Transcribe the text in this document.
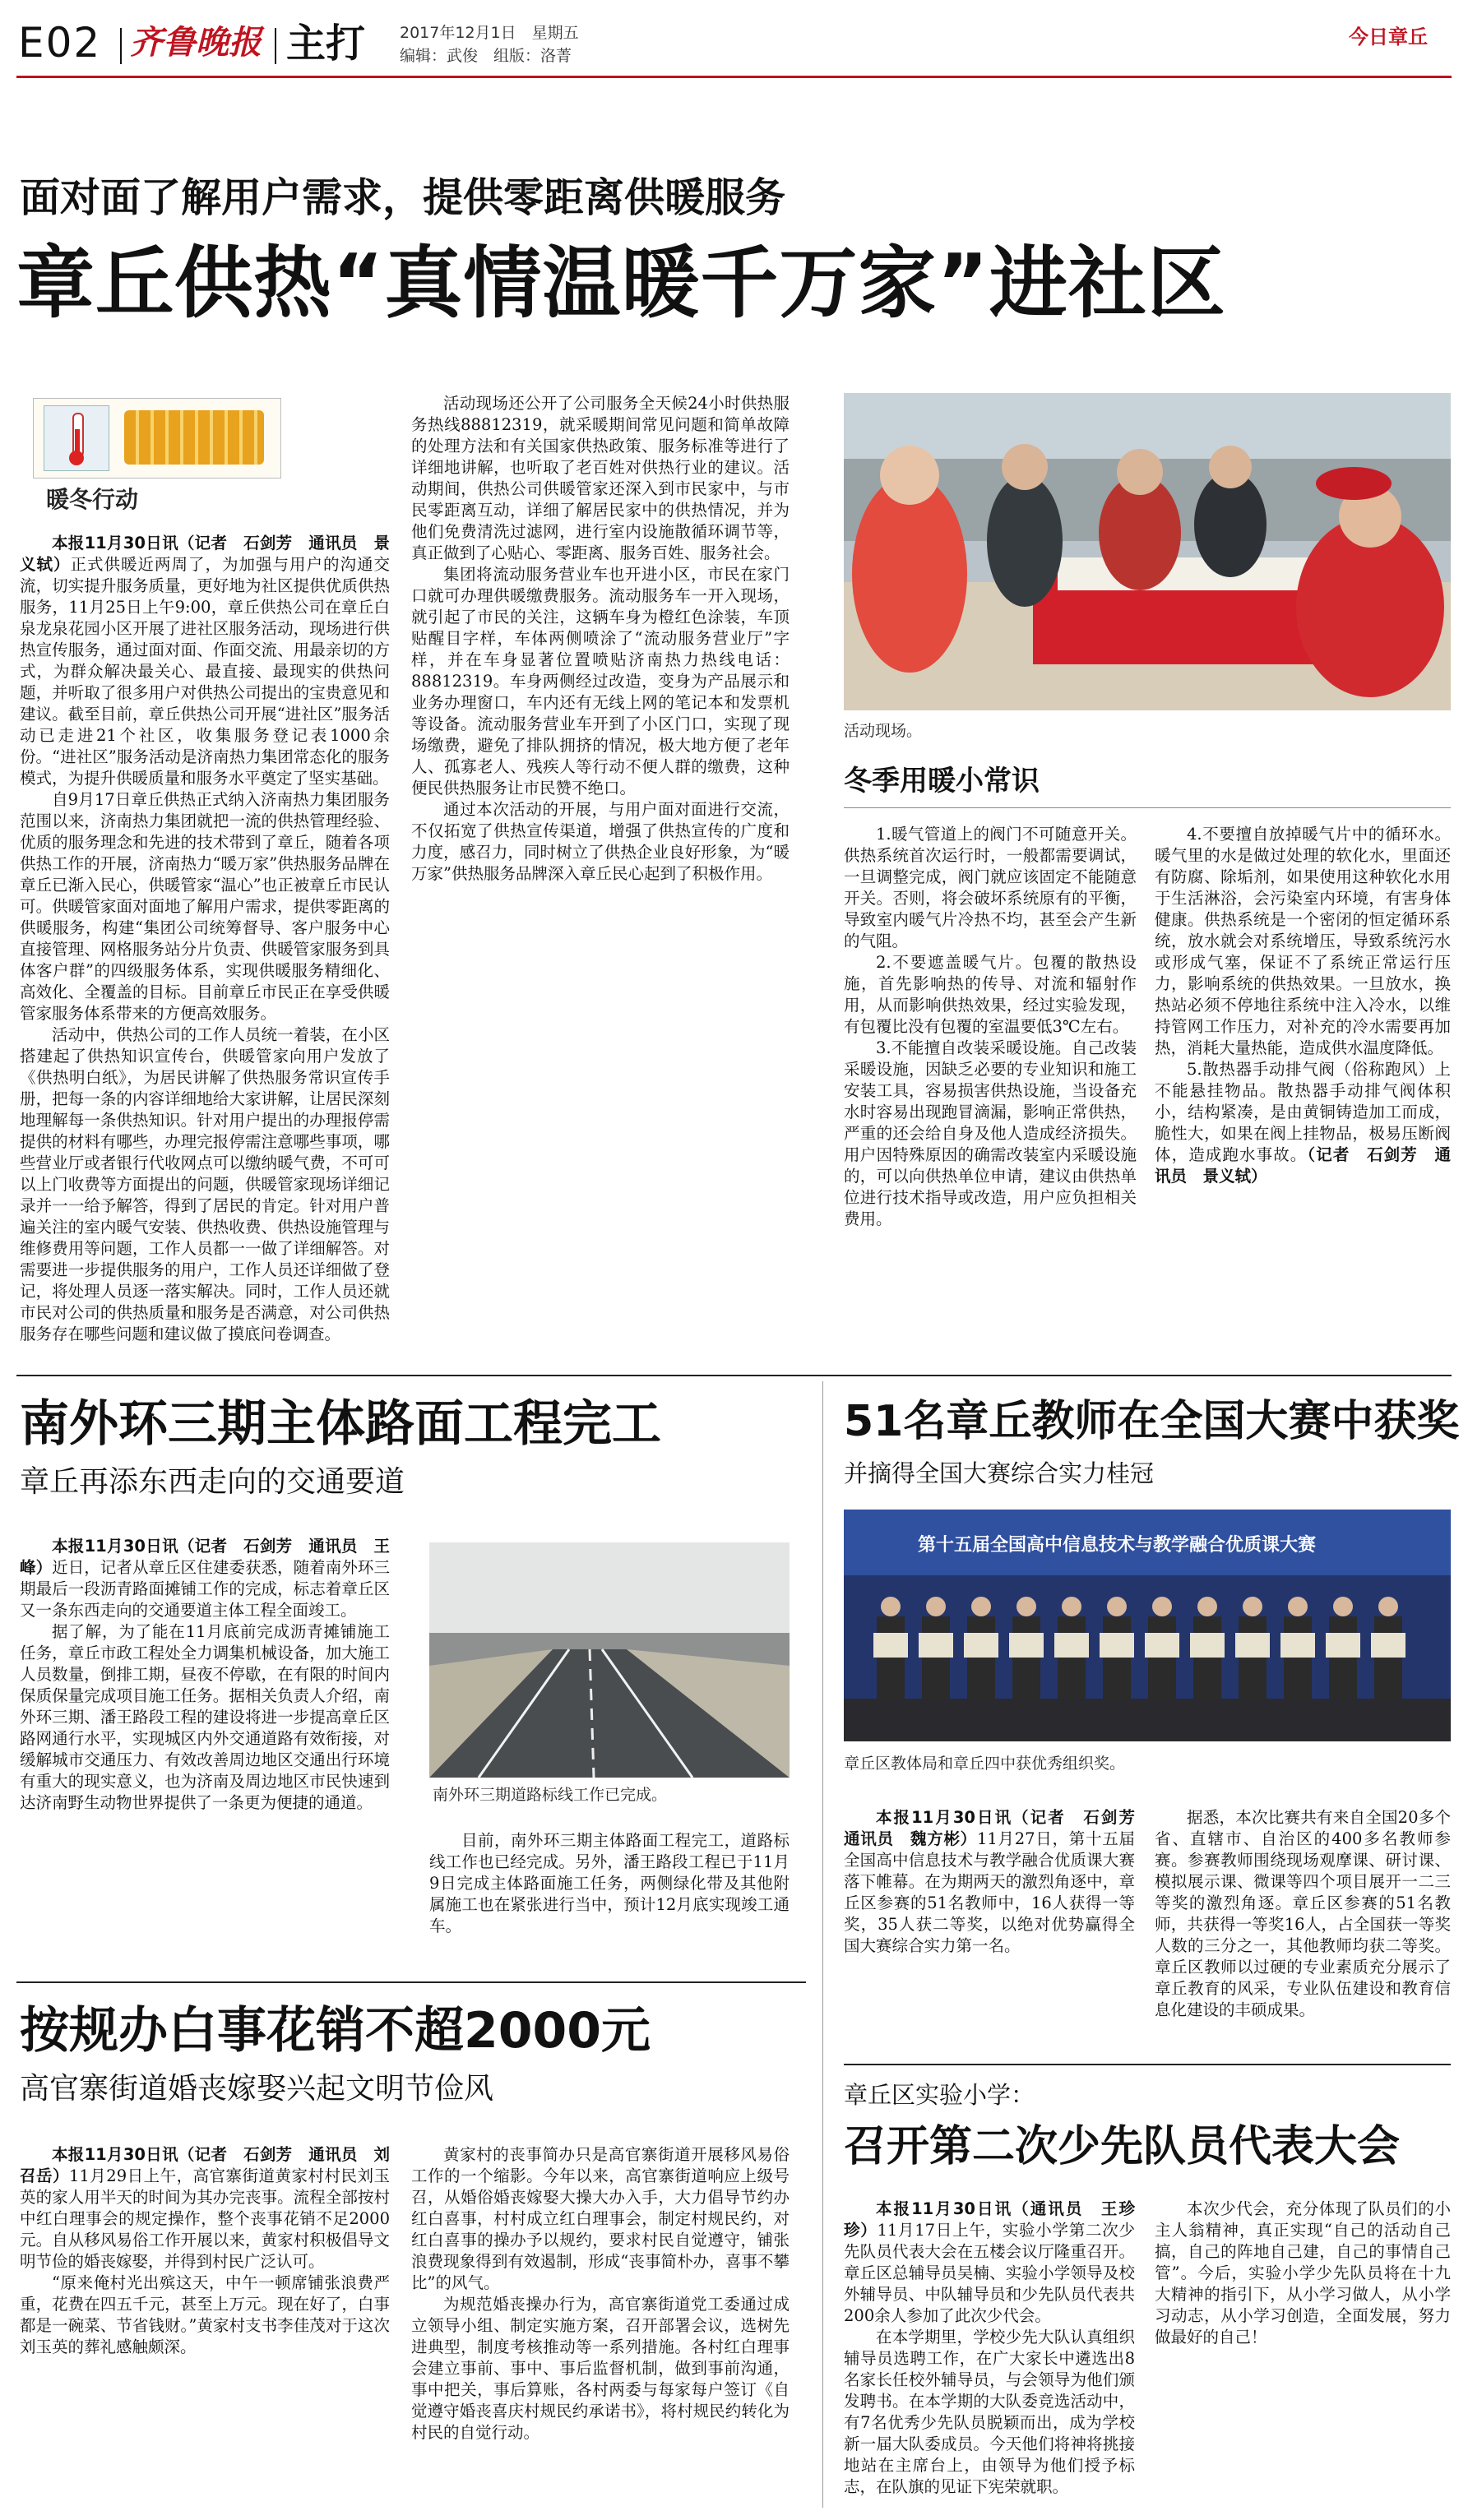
E02 齐鲁晚报 主打 2017年12月1日　星期五
编辑：武俊　组版：洛菁
今日章丘
面对面了解用户需求，提供零距离供暖服务
章丘供热“真情温暖千万家”进社区
暖冬行动

本报11月30日讯（记者　石剑芳　通讯员　景义轼）正式供暖近两周了，为加强与用户的沟通交流，切实提升服务质量，更好地为社区提供优质供热服务，11月25日上午9:00，章丘供热公司在章丘白泉龙泉花园小区开展了进社区服务活动，现场进行供热宣传服务，通过面对面、作面交流、用最亲切的方式，为群众解决最关心、最直接、最现实的供热问题，并听取了很多用户对供热公司提出的宝贵意见和建议。截至目前，章丘供热公司开展“进社区”服务活动已走进21个社区，收集服务登记表1000余份。“进社区”服务活动是济南热力集团常态化的服务模式，为提升供暖质量和服务水平奠定了坚实基础。

自9月17日章丘供热正式纳入济南热力集团服务范围以来，济南热力集团就把一流的供热管理经验、优质的服务理念和先进的技术带到了章丘，随着各项供热工作的开展，济南热力“暖万家”供热服务品牌在章丘已渐入民心，供暖管家“温心”也正被章丘市民认可。供暖管家面对面地了解用户需求，提供零距离的供暖服务，构建“集团公司统筹督导、客户服务中心直接管理、网格服务站分片负责、供暖管家服务到具体客户群”的四级服务体系，实现供暖服务精细化、高效化、全覆盖的目标。目前章丘市民正在享受供暖管家服务体系带来的方便高效服务。

活动中，供热公司的工作人员统一着装，在小区搭建起了供热知识宣传台，供暖管家向用户发放了《供热明白纸》，为居民讲解了供热服务常识宣传手册，把每一条的内容详细地给大家讲解，让居民深刻地理解每一条供热知识。针对用户提出的办理报停需提供的材料有哪些，办理完报停需注意哪些事项，哪些营业厅或者银行代收网点可以缴纳暖气费，不可可以上门收费等方面提出的问题，供暖管家现场详细记录并一一给予解答，得到了居民的肯定。针对用户普遍关注的室内暖气安装、供热收费、供热设施管理与维修费用等问题，工作人员都一一做了详细解答。对需要进一步提供服务的用户，工作人员还详细做了登记，将处理人员逐一落实解决。同时，工作人员还就市民对公司的供热质量和服务是否满意，对公司供热服务存在哪些问题和建议做了摸底问卷调查。

活动现场还公开了公司服务全天候24小时供热服务热线88812319，就采暖期间常见问题和简单故障的处理方法和有关国家供热政策、服务标准等进行了详细地讲解，也听取了老百姓对供热行业的建议。活动期间，供热公司供暖管家还深入到市民家中，与市民零距离互动，详细了解居民家中的供热情况，并为他们免费清洗过滤网，进行室内设施散循环调节等，真正做到了心贴心、零距离、服务百姓、服务社会。

集团将流动服务营业车也开进小区，市民在家门口就可办理供暖缴费服务。流动服务车一开入现场，就引起了市民的关注，这辆车身为橙红色涂装，车顶贴醒目字样，车体两侧喷涂了“流动服务营业厅”字样，并在车身显著位置喷贴济南热力热线电话：88812319。车身两侧经过改造，变身为产品展示和业务办理窗口，车内还有无线上网的笔记本和发票机等设备。流动服务营业车开到了小区门口，实现了现场缴费，避免了排队拥挤的情况，极大地方便了老年人、孤寡老人、残疾人等行动不便人群的缴费，这种便民供热服务让市民赞不绝口。

通过本次活动的开展，与用户面对面进行交流，不仅拓宽了供热宣传渠道，增强了供热宣传的广度和力度，感召力，同时树立了供热企业良好形象，为“暖万家”供热服务品牌深入章丘民心起到了积极作用。

活动现场。
冬季用暖小常识

1.暖气管道上的阀门不可随意开关。供热系统首次运行时，一般都需要调试，一旦调整完成，阀门就应该固定不能随意开关。否则，将会破坏系统原有的平衡，导致室内暖气片冷热不均，甚至会产生新的气阻。

2.不要遮盖暖气片。包覆的散热设施，首先影响热的传导、对流和辐射作用，从而影响供热效果，经过实验发现，有包覆比没有包覆的室温要低3℃左右。

3.不能擅自改装采暖设施。自己改装采暖设施，因缺乏必要的专业知识和施工安装工具，容易损害供热设施，当设备充水时容易出现跑冒滴漏，影响正常供热，严重的还会给自身及他人造成经济损失。用户因特殊原因的确需改装室内采暖设施的，可以向供热单位申请，建议由供热单位进行技术指导或改造，用户应负担相关费用。

4.不要擅自放掉暖气片中的循环水。暖气里的水是做过处理的软化水，里面还有防腐、除垢剂，如果使用这种软化水用于生活淋浴，会污染室内环境，有害身体健康。供热系统是一个密闭的恒定循环系统，放水就会对系统增压，导致系统污水或形成气塞，保证不了系统正常运行压力，影响系统的供热效果。一旦放水，换热站必须不停地往系统中注入冷水，以维持管网工作压力，对补充的冷水需要再加热，消耗大量热能，造成供水温度降低。

5.散热器手动排气阀（俗称跑风）上不能悬挂物品。散热器手动排气阀体积小，结构紧凑，是由黄铜铸造加工而成，脆性大，如果在阀上挂物品，极易压断阀体，造成跑水事故。（记者　石剑芳　通讯员　景义轼）

南外环三期主体路面工程完工
章丘再添东西走向的交通要道

本报11月30日讯（记者　石剑芳　通讯员　王峰）近日，记者从章丘区住建委获悉，随着南外环三期最后一段沥青路面摊铺工作的完成，标志着章丘区又一条东西走向的交通要道主体工程全面竣工。

据了解，为了能在11月底前完成沥青摊铺施工任务，章丘市政工程处全力调集机械设备，加大施工人员数量，倒排工期，昼夜不停歇，在有限的时间内保质保量完成项目施工任务。据相关负责人介绍，南外环三期、潘王路段工程的建设将进一步提高章丘区路网通行水平，实现城区内外交通道路有效衔接，对缓解城市交通压力、有效改善周边地区交通出行环境有重大的现实意义，也为济南及周边地区市民快速到达济南野生动物世界提供了一条更为便捷的通道。	南外环三期道路标线工作已完成。

目前，南外环三期主体路面工程完工，道路标线工作也已经完成。另外，潘王路段工程已于11月9日完成主体路面施工任务，两侧绿化带及其他附属施工也在紧张进行当中，预计12月底实现竣工通车。

按规办白事花销不超2000元
高官寨街道婚丧嫁娶兴起文明节俭风

本报11月30日讯（记者　石剑芳　通讯员　刘召岳）11月29日上午，高官寨街道黄家村村民刘玉英的家人用半天的时间为其办完丧事。流程全部按村中红白理事会的规定操作，整个丧事花销不足2000元。自从移风易俗工作开展以来，黄家村积极倡导文明节俭的婚丧嫁娶，并得到村民广泛认可。

“原来俺村光出殡这天，中午一顿席铺张浪费严重，花费在四五千元，甚至上万元。现在好了，白事都是一碗菜、节省钱财。”黄家村支书李佳茂对于这次刘玉英的葬礼感触颇深。

黄家村的丧事简办只是高官寨街道开展移风易俗工作的一个缩影。今年以来，高官寨街道响应上级号召，从婚俗婚丧嫁娶大操大办入手，大力倡导节约办红白喜事，村村成立红白理事会，制定村规民约，对红白喜事的操办予以规约，要求村民自觉遵守，铺张浪费现象得到有效遏制，形成“丧事简朴办，喜事不攀比”的风气。

为规范婚丧操办行为，高官寨街道党工委通过成立领导小组、制定实施方案，召开部署会议，选树先进典型，制度考核推动等一系列措施。各村红白理事会建立事前、事中、事后监督机制，做到事前沟通，事中把关，事后算账，各村两委与每家每户签订《自觉遵守婚丧喜庆村规民约承诺书》，将村规民约转化为村民的自觉行动。

51名章丘教师在全国大赛中获奖
并摘得全国大赛综合实力桂冠
第十五届全国高中信息技术与教学融合优质课大赛
章丘区教体局和章丘四中获优秀组织奖。

本报11月30日讯（记者　石剑芳　通讯员　魏方彬）11月27日，第十五届全国高中信息技术与教学融合优质课大赛落下帷幕。在为期两天的激烈角逐中，章丘区参赛的51名教师中，16人获得一等奖，35人获二等奖，以绝对优势赢得全国大赛综合实力第一名。

据悉，本次比赛共有来自全国20多个省、直辖市、自治区的400多名教师参赛。参赛教师围绕现场观摩课、研讨课、模拟展示课、微课等四个项目展开一二三等奖的激烈角逐。章丘区参赛的51名教师，共获得一等奖16人，占全国获一等奖人数的三分之一，其他教师均获二等奖。章丘区教师以过硬的专业素质充分展示了章丘教育的风采，专业队伍建设和教育信息化建设的丰硕成果。

章丘区实验小学：
召开第二次少先队员代表大会

本报11月30日讯（通讯员　王珍珍）11月17日上午，实验小学第二次少先队员代表大会在五楼会议厅隆重召开。章丘区总辅导员吴楠、实验小学领导及校外辅导员、中队辅导员和少先队员代表共200余人参加了此次少代会。

在本学期里，学校少先大队认真组织辅导员选聘工作，在广大家长中遴选出8名家长任校外辅导员，与会领导为他们颁发聘书。在本学期的大队委竞选活动中，有7名优秀少先队员脱颖而出，成为学校新一届大队委成员。今天他们将神将挑接地站在主席台上，由领导为他们授予标志，在队旗的见证下宪荣就职。

本次少代会，充分体现了队员们的小主人翁精神，真正实现“自己的活动自己搞，自己的阵地自己建，自己的事情自己管”。今后，实验小学少先队员将在十九大精神的指引下，从小学习做人，从小学习动志，从小学习创造，全面发展，努力做最好的自己！
